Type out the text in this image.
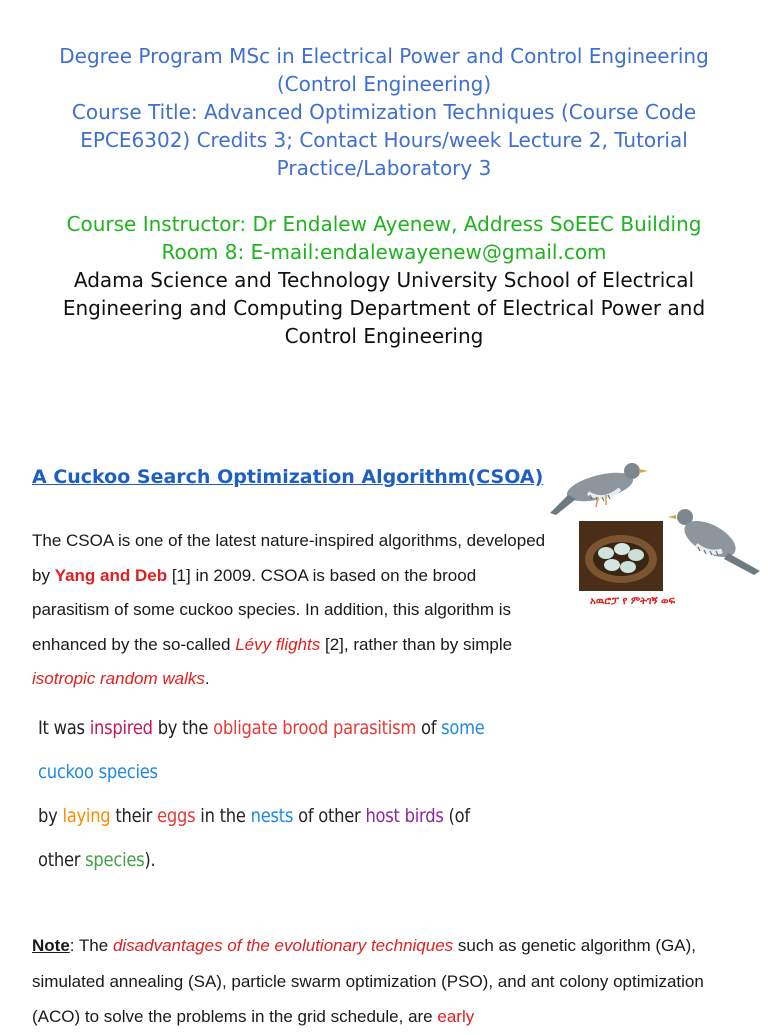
Degree Program MSc in Electrical Power and Control Engineering

(Control Engineering)

Course Title: Advanced Optimization Techniques (Course Code

EPCE6302) Credits 3; Contact Hours/week Lecture 2, Tutorial

Practice/Laboratory 3

Course Instructor: Dr Endalew Ayenew, Address SoEEC Building

Room 8: E-mail:endalewayenew@gmail.com

Adama Science and Technology University School of Electrical

Engineering and Computing Department of Electrical Power and

Control Engineering

A Cuckoo Search Optimization Algorithm(CSOA)

The CSOA is one of the latest nature-inspired algorithms, developed by Yang and Deb [1] in 2009. CSOA is based on the brood parasitism of some cuckoo species. In addition, this algorithm is enhanced by the so-called Lévy flights [2], rather than by simple isotropic random walks.

አዉሮፓ የ ምትገኝ ወፍ
It was inspired by the obligate brood parasitism of some cuckoo species
by laying their eggs in the nests of other host birds (of other species).

Note: The disadvantages of the evolutionary techniques such as genetic algorithm (GA), simulated annealing (SA), particle swarm optimization (PSO), and ant colony optimization (ACO) to solve the problems in the grid schedule, are early
